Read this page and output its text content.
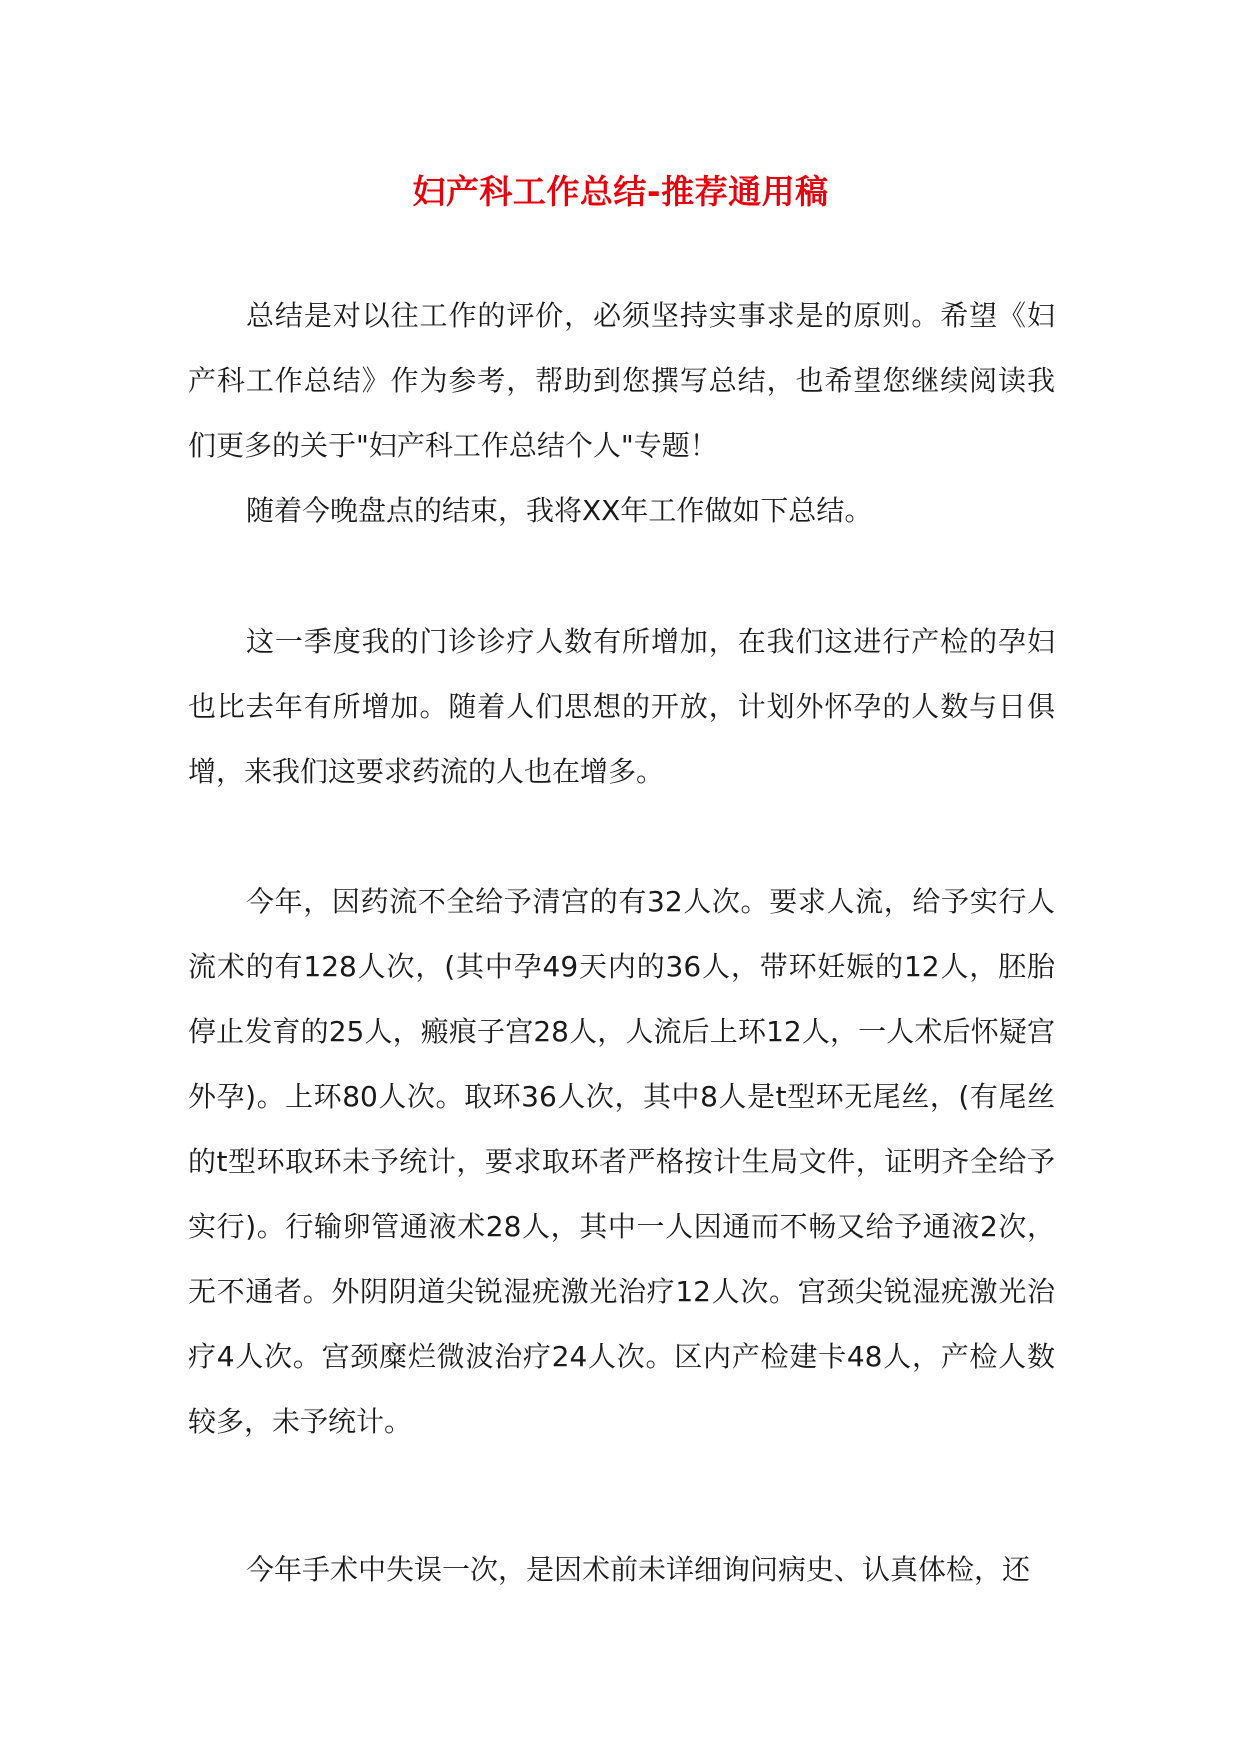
妇产科工作总结-推荐通用稿

总结是对以往工作的评价，必须坚持实事求是的原则。希望《妇产科工作总结》作为参考，帮助到您撰写总结，也希望您继续阅读我们更多的关于"妇产科工作总结个人"专题！

随着今晚盘点的结束，我将XX年工作做如下总结。

这一季度我的门诊诊疗人数有所增加，在我们这进行产检的孕妇也比去年有所增加。随着人们思想的开放，计划外怀孕的人数与日俱增，来我们这要求药流的人也在增多。

今年，因药流不全给予清宫的有32人次。要求人流，给予实行人流术的有128人次，(其中孕49天内的36人，带环妊娠的12人，胚胎停止发育的25人，瘢痕子宫28人，人流后上环12人，一人术后怀疑宫外孕)。上环80人次。取环36人次，其中8人是t型环无尾丝，(有尾丝的t型环取环未予统计，要求取环者严格按计生局文件，证明齐全给予实行)。行输卵管通液术28人，其中一人因通而不畅又给予通液2次，无不通者。外阴阴道尖锐湿疣激光治疗12人次。宫颈尖锐湿疣激光治疗4人次。宫颈糜烂微波治疗24人次。区内产检建卡48人，产检人数较多，未予统计。

今年手术中失误一次，是因术前未详细询问病史、认真体检，还
